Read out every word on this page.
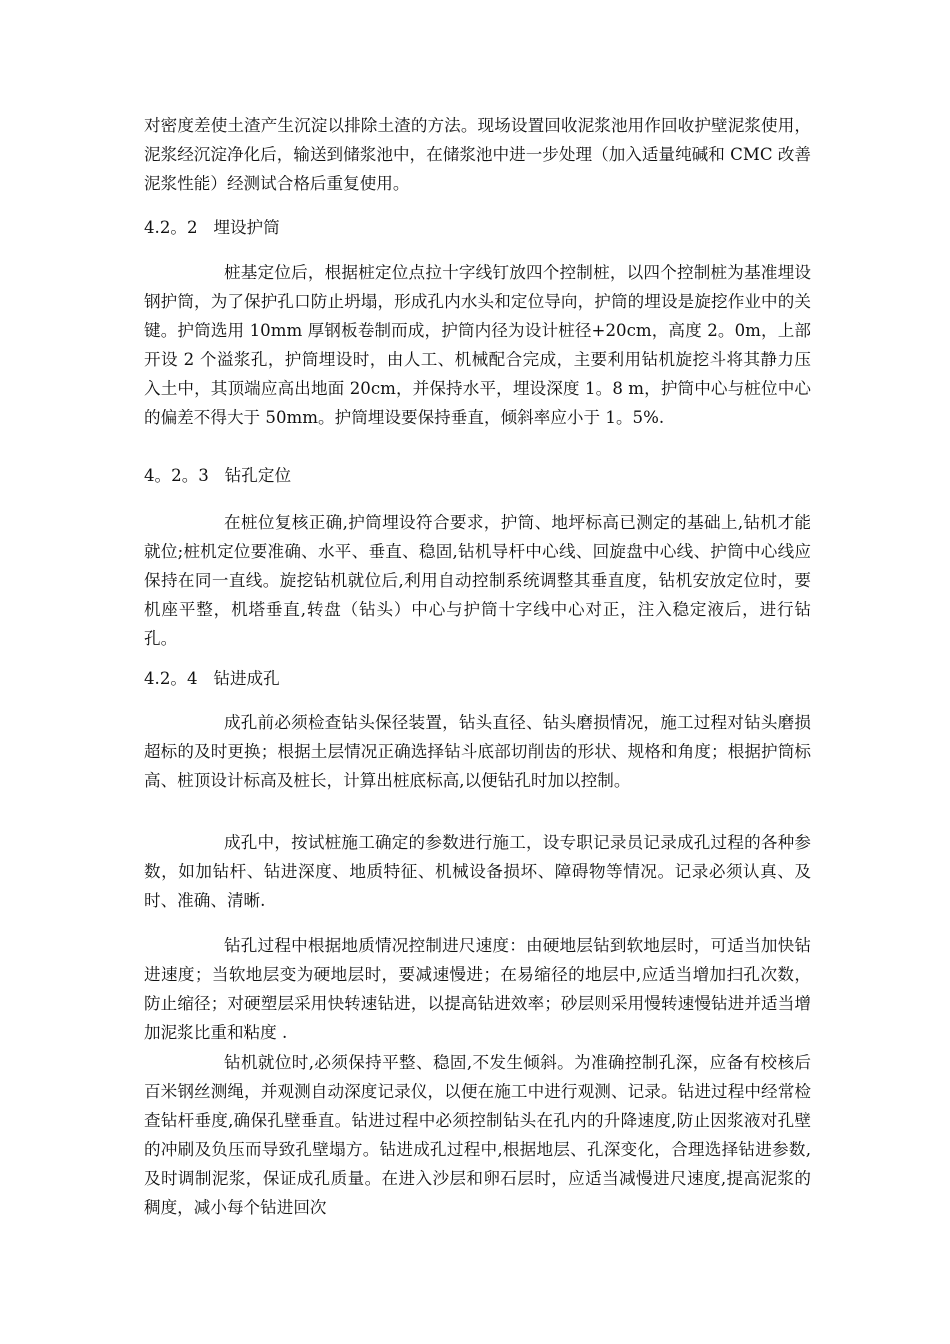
对密度差使土渣产生沉淀以排除土渣的方法。现场设置回收泥浆池用作回收护壁泥浆使用，泥浆经沉淀净化后，输送到储浆池中，在储浆池中进一步处理（加入适量纯碱和 CMC 改善泥浆性能）经测试合格后重复使用。
4.2。2   埋设护筒
桩基定位后，根据桩定位点拉十字线钉放四个控制桩，以四个控制桩为基准埋设钢护筒，为了保护孔口防止坍塌，形成孔内水头和定位导向，护筒的埋设是旋挖作业中的关键。护筒选用 10mm 厚钢板卷制而成，护筒内径为设计桩径+20cm，高度 2。0m，上部开设 2 个溢浆孔，护筒埋设时，由人工、机械配合完成，主要利用钻机旋挖斗将其静力压入土中，其顶端应高出地面 20cm，并保持水平，埋设深度 1。8 m，护筒中心与桩位中心的偏差不得大于 50mm。护筒埋设要保持垂直，倾斜率应小于 1。5%.
4。2。3   钻孔定位
在桩位复核正确,护筒埋设符合要求，护筒、地坪标高已测定的基础上,钻机才能就位;桩机定位要准确、水平、垂直、稳固,钻机导杆中心线、回旋盘中心线、护筒中心线应保持在同一直线。旋挖钻机就位后,利用自动控制系统调整其垂直度，钻机安放定位时，要机座平整，机塔垂直,转盘（钻头）中心与护筒十字线中心对正，注入稳定液后，进行钻孔。
4.2。4   钻进成孔
成孔前必须检查钻头保径装置，钻头直径、钻头磨损情况，施工过程对钻头磨损超标的及时更换；根据土层情况正确选择钻斗底部切削齿的形状、规格和角度；根据护筒标高、桩顶设计标高及桩长，计算出桩底标高,以便钻孔时加以控制。
成孔中，按试桩施工确定的参数进行施工，设专职记录员记录成孔过程的各种参数，如加钻杆、钻进深度、地质特征、机械设备损坏、障碍物等情况。记录必须认真、及时、准确、清晰.
钻孔过程中根据地质情况控制进尺速度：由硬地层钻到软地层时，可适当加快钻进速度；当软地层变为硬地层时，要减速慢进；在易缩径的地层中,应适当增加扫孔次数，防止缩径；对硬塑层采用快转速钻进，以提高钻进效率；砂层则采用慢转速慢钻进并适当增加泥浆比重和粘度 .
钻机就位时,必须保持平整、稳固,不发生倾斜。为准确控制孔深，应备有校核后百米钢丝测绳，并观测自动深度记录仪，以便在施工中进行观测、记录。钻进过程中经常检查钻杆垂度,确保孔壁垂直。钻进过程中必须控制钻头在孔内的升降速度,防止因浆液对孔壁的冲刷及负压而导致孔壁塌方。钻进成孔过程中,根据地层、孔深变化，合理选择钻进参数,及时调制泥浆，保证成孔质量。在进入沙层和卵石层时，应适当减慢进尺速度,提高泥浆的稠度，减小每个钻进回次
